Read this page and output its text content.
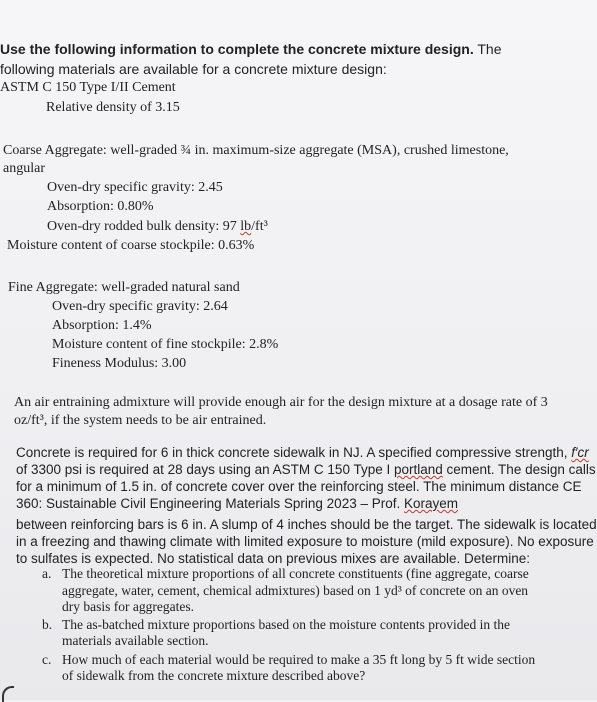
Use the following information to complete the concrete mixture design. The

following materials are available for a concrete mixture design:

ASTM C 150 Type I/II Cement

Relative density of 3.15

Coarse Aggregate: well-graded ¾ in. maximum-size aggregate (MSA), crushed limestone,

angular

Oven-dry specific gravity: 2.45

Absorption: 0.80%

Oven-dry rodded bulk density: 97 lb/ft³

Moisture content of coarse stockpile: 0.63%

Fine Aggregate: well-graded natural sand

Oven-dry specific gravity: 2.64

Absorption: 1.4%

Moisture content of fine stockpile: 2.8%

Fineness Modulus: 3.00

An air entraining admixture will provide enough air for the design mixture at a dosage rate of 3

oz/ft³, if the system needs to be air entrained.

Concrete is required for 6 in thick concrete sidewalk in NJ. A specified compressive strength, f′cr

of 3300 psi is required at 28 days using an ASTM C 150 Type I portland cement. The design calls

for a minimum of 1.5 in. of concrete cover over the reinforcing steel. The minimum distance CE

360: Sustainable Civil Engineering Materials Spring 2023 – Prof. Korayem

between reinforcing bars is 6 in. A slump of 4 inches should be the target. The sidewalk is located

in a freezing and thawing climate with limited exposure to moisture (mild exposure). No exposure

to sulfates is expected. No statistical data on previous mixes are available. Determine:

a. The theoretical mixture proportions of all concrete constituents (fine aggregate, coarse

aggregate, water, cement, chemical admixtures) based on 1 yd³ of concrete on an oven

dry basis for aggregates.

b. The as-batched mixture proportions based on the moisture contents provided in the

materials available section.

c. How much of each material would be required to make a 35 ft long by 5 ft wide section

of sidewalk from the concrete mixture described above?
